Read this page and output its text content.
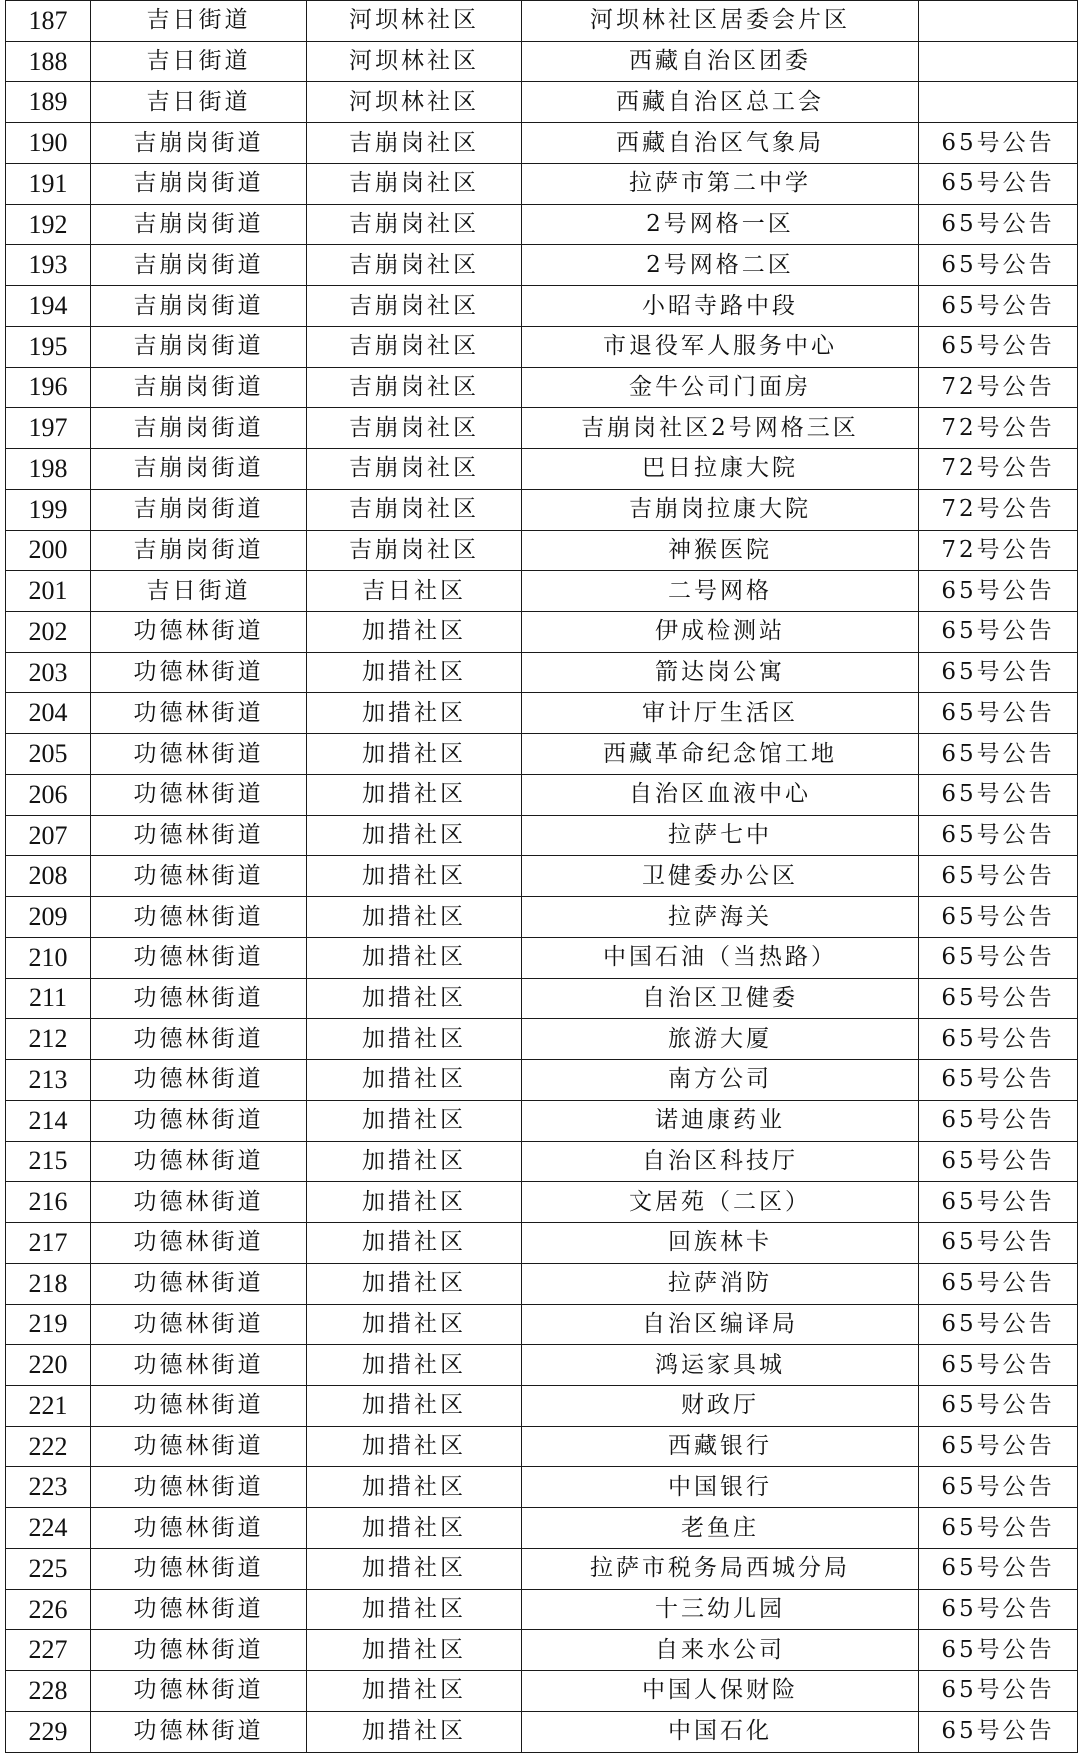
187	吉日街道	河坝林社区	河坝林社区居委会片区	
188	吉日街道	河坝林社区	西藏自治区团委	
189	吉日街道	河坝林社区	西藏自治区总工会	
190	吉崩岗街道	吉崩岗社区	西藏自治区气象局	65号公告
191	吉崩岗街道	吉崩岗社区	拉萨市第二中学	65号公告
192	吉崩岗街道	吉崩岗社区	2号网格一区	65号公告
193	吉崩岗街道	吉崩岗社区	2号网格二区	65号公告
194	吉崩岗街道	吉崩岗社区	小昭寺路中段	65号公告
195	吉崩岗街道	吉崩岗社区	市退役军人服务中心	65号公告
196	吉崩岗街道	吉崩岗社区	金牛公司门面房	72号公告
197	吉崩岗街道	吉崩岗社区	吉崩岗社区2号网格三区	72号公告
198	吉崩岗街道	吉崩岗社区	巴日拉康大院	72号公告
199	吉崩岗街道	吉崩岗社区	吉崩岗拉康大院	72号公告
200	吉崩岗街道	吉崩岗社区	神猴医院	72号公告
201	吉日街道	吉日社区	二号网格	65号公告
202	功德林街道	加措社区	伊成检测站	65号公告
203	功德林街道	加措社区	箭达岗公寓	65号公告
204	功德林街道	加措社区	审计厅生活区	65号公告
205	功德林街道	加措社区	西藏革命纪念馆工地	65号公告
206	功德林街道	加措社区	自治区血液中心	65号公告
207	功德林街道	加措社区	拉萨七中	65号公告
208	功德林街道	加措社区	卫健委办公区	65号公告
209	功德林街道	加措社区	拉萨海关	65号公告
210	功德林街道	加措社区	中国石油（当热路）	65号公告
211	功德林街道	加措社区	自治区卫健委	65号公告
212	功德林街道	加措社区	旅游大厦	65号公告
213	功德林街道	加措社区	南方公司	65号公告
214	功德林街道	加措社区	诺迪康药业	65号公告
215	功德林街道	加措社区	自治区科技厅	65号公告
216	功德林街道	加措社区	文居苑（二区）	65号公告
217	功德林街道	加措社区	回族林卡	65号公告
218	功德林街道	加措社区	拉萨消防	65号公告
219	功德林街道	加措社区	自治区编译局	65号公告
220	功德林街道	加措社区	鸿运家具城	65号公告
221	功德林街道	加措社区	财政厅	65号公告
222	功德林街道	加措社区	西藏银行	65号公告
223	功德林街道	加措社区	中国银行	65号公告
224	功德林街道	加措社区	老鱼庄	65号公告
225	功德林街道	加措社区	拉萨市税务局西城分局	65号公告
226	功德林街道	加措社区	十三幼儿园	65号公告
227	功德林街道	加措社区	自来水公司	65号公告
228	功德林街道	加措社区	中国人保财险	65号公告
229	功德林街道	加措社区	中国石化	65号公告
